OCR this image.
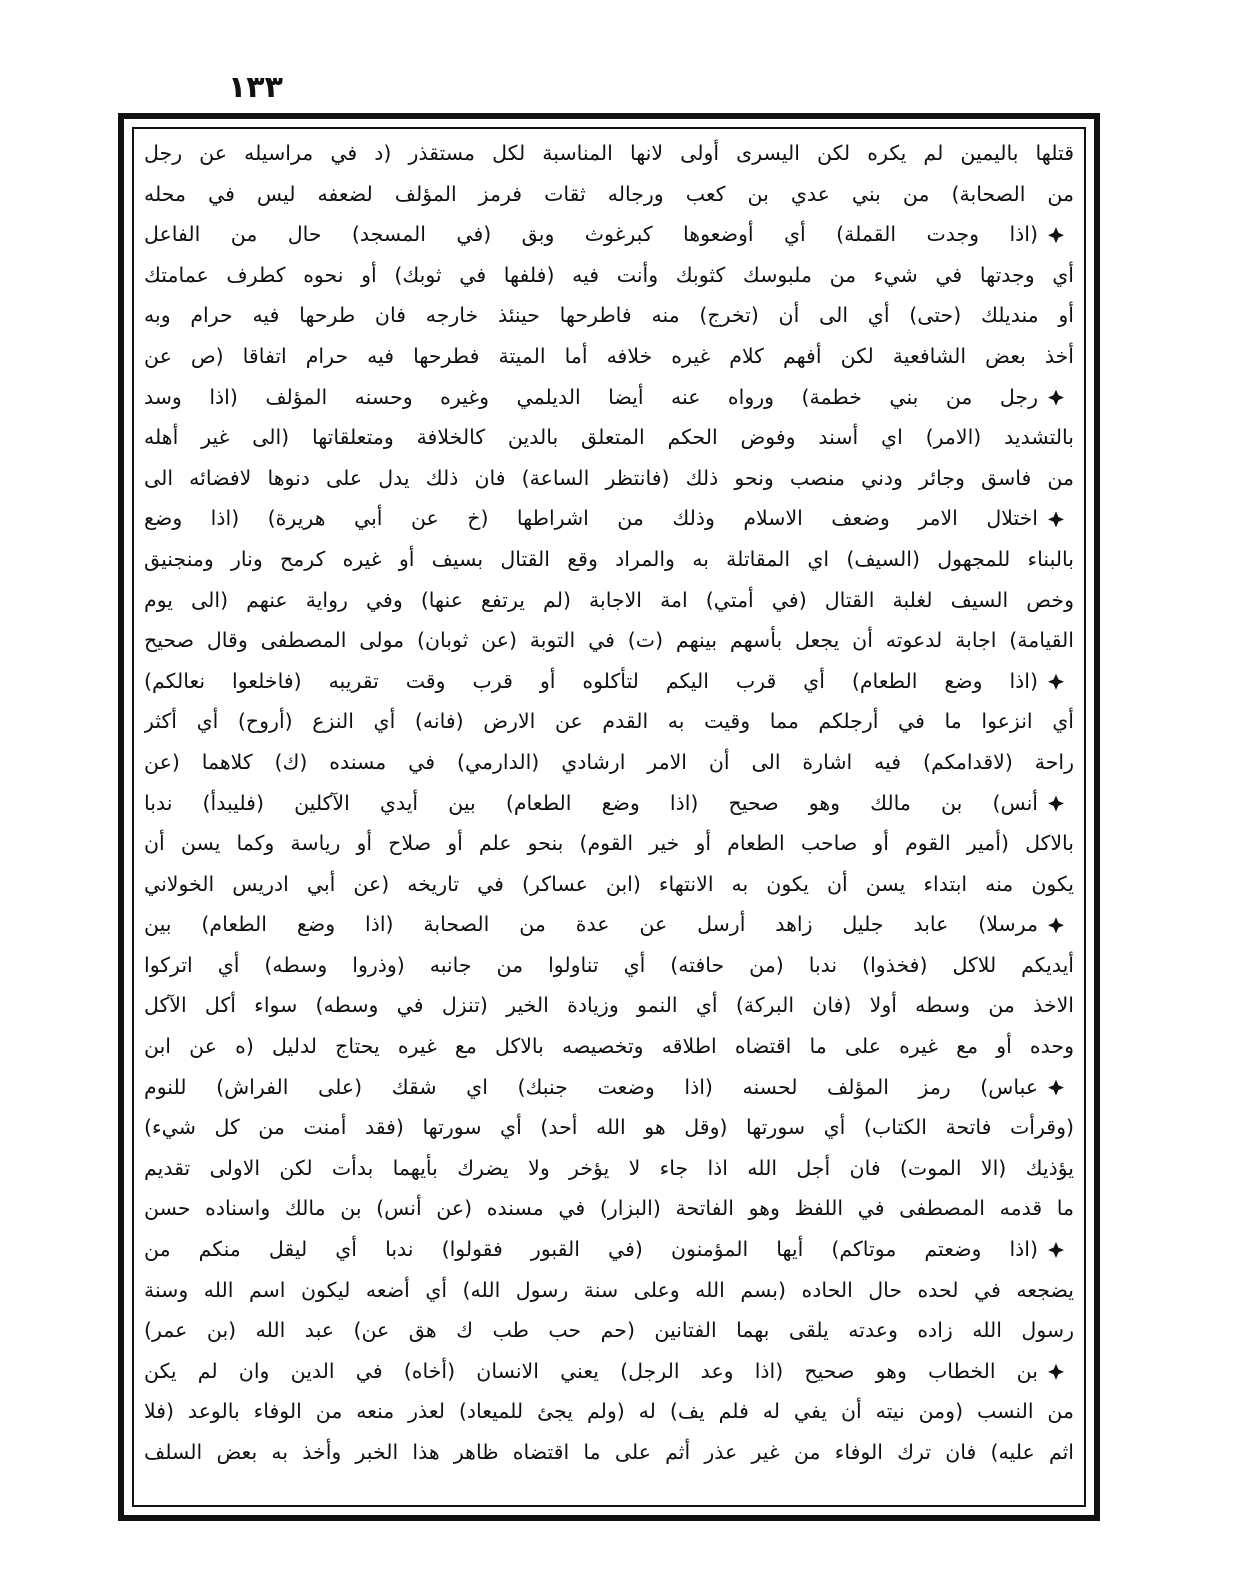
١٣٣
قتلها باليمين لم يكره لكن اليسرى أولى لانها المناسبة لكل مستقذر (د في مراسيله عن رجل
من الصحابة) من بني عدي بن كعب ورجاله ثقات فرمز المؤلف لضعفه ليس في محله
(اذا وجدت القملة) أي أوضعوها كبرغوث وبق (في المسجد) حال من الفاعل
أي وجدتها في شيء من ملبوسك كثوبك وأنت فيه (فلفها في ثوبك) أو نحوه كطرف عمامتك
أو منديلك (حتى) أي الى أن (تخرج) منه فاطرحها حينئذ خارجه فان طرحها فيه حرام وبه
أخذ بعض الشافعية لكن أفهم كلام غيره خلافه أما الميتة فطرحها فيه حرام اتفاقا (ص عن
رجل من بني خطمة) ورواه عنه أيضا الديلمي وغيره وحسنه المؤلف (اذا وسد
بالتشديد (الامر) اي أسند وفوض الحكم المتعلق بالدين كالخلافة ومتعلقاتها (الى غير أهله
من فاسق وجائر ودني منصب ونحو ذلك (فانتظر الساعة) فان ذلك يدل على دنوها لافضائه الى
اختلال الامر وضعف الاسلام وذلك من اشراطها (خ عن أبي هريرة) (اذا وضع
بالبناء للمجهول (السيف) اي المقاتلة به والمراد وقع القتال بسيف أو غيره كرمح ونار ومنجنيق
وخص السيف لغلبة القتال (في أمتي) امة الاجابة (لم يرتفع عنها) وفي رواية عنهم (الى يوم
القيامة) اجابة لدعوته أن يجعل بأسهم بينهم (ت) في التوبة (عن ثوبان) مولى المصطفى وقال صحيح
(اذا وضع الطعام) أي قرب اليكم لتأكلوه أو قرب وقت تقريبه (فاخلعوا نعالكم)
أي انزعوا ما في أرجلكم مما وقيت به القدم عن الارض (فانه) أي النزع (أروح) أي أكثر
راحة (لاقدامكم) فيه اشارة الى أن الامر ارشادي (الدارمي) في مسنده (ك) كلاهما (عن
أنس) بن مالك وهو صحيح (اذا وضع الطعام) بين أيدي الآكلين (فليبدأ) ندبا
بالاكل (أمير القوم أو صاحب الطعام أو خير القوم) بنحو علم أو صلاح أو رياسة وكما يسن أن
يكون منه ابتداء يسن أن يكون به الانتهاء (ابن عساكر) في تاريخه (عن أبي ادريس الخولاني
مرسلا) عابد جليل زاهد أرسل عن عدة من الصحابة (اذا وضع الطعام) بين
أيديكم للاكل (فخذوا) ندبا (من حافته) أي تناولوا من جانبه (وذروا وسطه) أي اتركوا
الاخذ من وسطه أولا (فان البركة) أي النمو وزيادة الخير (تنزل في وسطه) سواء أكل الآكل
وحده أو مع غيره على ما اقتضاه اطلاقه وتخصيصه بالاكل مع غيره يحتاج لدليل (ه عن ابن
عباس) رمز المؤلف لحسنه (اذا وضعت جنبك) اي شقك (على الفراش) للنوم
(وقرأت فاتحة الكتاب) أي سورتها (وقل هو الله أحد) أي سورتها (فقد أمنت من كل شيء)
يؤذيك (الا الموت) فان أجل الله اذا جاء لا يؤخر ولا يضرك بأيهما بدأت لكن الاولى تقديم
ما قدمه المصطفى في اللفظ وهو الفاتحة (البزار) في مسنده (عن أنس) بن مالك واسناده حسن
(اذا وضعتم موتاكم) أيها المؤمنون (في القبور فقولوا) ندبا أي ليقل منكم من
يضجعه في لحده حال الحاده (بسم الله وعلى سنة رسول الله) أي أضعه ليكون اسم الله وسنة
رسول الله زاده وعدته يلقى بهما الفتانين (حم حب طب ك هق عن) عبد الله (بن عمر)
بن الخطاب وهو صحيح (اذا وعد الرجل) يعني الانسان (أخاه) في الدين وان لم يكن
من النسب (ومن نيته أن يفي له فلم يف) له (ولم يجئ للميعاد) لعذر منعه من الوفاء بالوعد (فلا
اثم عليه) فان ترك الوفاء من غير عذر أثم على ما اقتضاه ظاهر هذا الخبر وأخذ به بعض السلف
